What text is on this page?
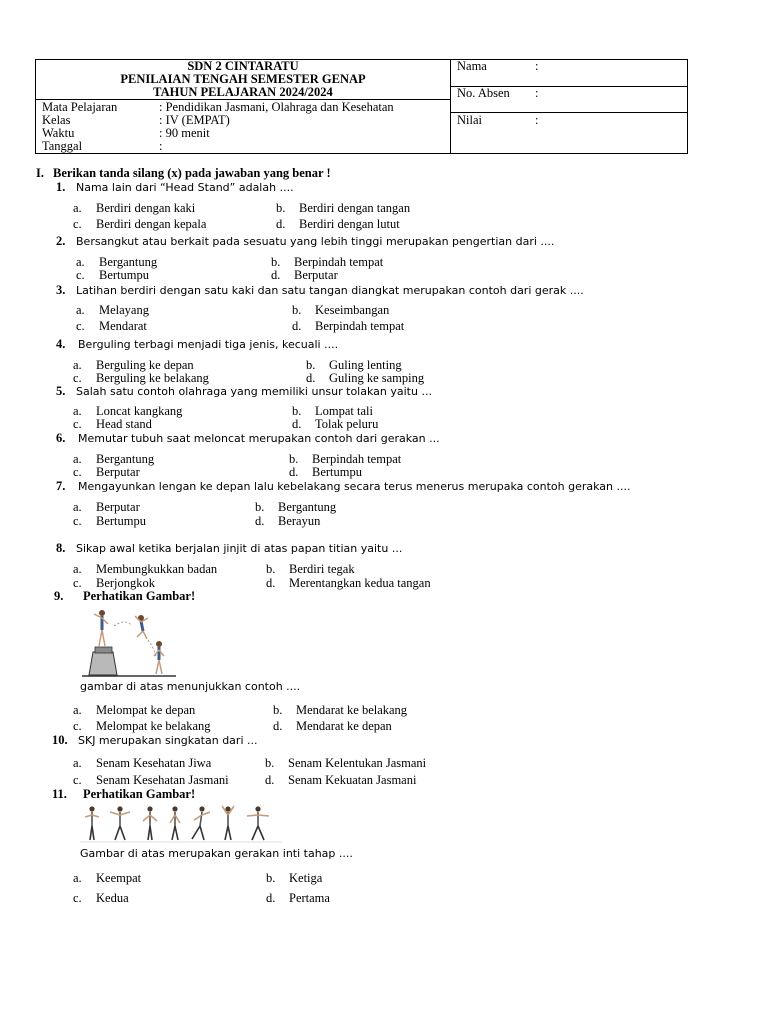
SDN 2 CINTARATU
PENILAIAN TENGAH SEMESTER GENAP
TAHUN PELAJARAN 2024/2024
Mata Pelajaran	: Pendidikan Jasmani, Olahraga dan Kesehatan
Kelas	: IV (EMPAT)
Waktu	: 90 menit
Tanggal	:
Nama	:
No. Absen :
Nilai	:
I. Berikan tanda silang (x) pada jawaban yang benar !
1. Nama lain dari “Head Stand” adalah ....
a. Berdiri dengan kaki	b. Berdiri dengan tangan
c. Berdiri dengan kepala	d. Berdiri dengan lutut
2. Bersangkut atau berkait pada sesuatu yang lebih tinggi merupakan pengertian dari ....
a. Bergantung	b. Berpindah tempat
c. Bertumpu	d. Berputar
3. Latihan berdiri dengan satu kaki dan satu tangan diangkat merupakan contoh dari gerak ....
a. Melayang	b. Keseimbangan
c. Mendarat	d. Berpindah tempat
4. Berguling terbagi menjadi tiga jenis, kecuali ....
a. Berguling ke depan	b. Guling lenting
c. Berguling ke belakang	d. Guling ke samping
5. Salah satu contoh olahraga yang memiliki unsur tolakan yaitu ...
a. Loncat kangkang	b. Lompat tali
c. Head stand	d. Tolak peluru
6. Memutar tubuh saat meloncat merupakan contoh dari gerakan ...
a. Bergantung	b. Berpindah tempat
c. Berputar	d. Bertumpu
7. Mengayunkan lengan ke depan lalu kebelakang secara terus menerus merupaka contoh gerakan ....
a. Berputar	b. Bergantung
c. Bertumpu	d. Berayun
8. Sikap awal ketika berjalan jinjit di atas papan titian yaitu ...
a. Membungkukkan badan	b. Berdiri tegak
c. Berjongkok	d. Merentangkan kedua tangan
9. Perhatikan Gambar!
gambar di atas menunjukkan contoh ....
a. Melompat ke depan	b. Mendarat ke belakang
c. Melompat ke belakang	d. Mendarat ke depan
10. SKJ merupakan singkatan dari ...
a. Senam Kesehatan Jiwa	b. Senam Kelentukan Jasmani
c. Senam Kesehatan Jasmani	d. Senam Kekuatan Jasmani
11. Perhatikan Gambar!
Gambar di atas merupakan gerakan inti tahap ....
a. Keempat	b. Ketiga
c. Kedua	d. Pertama
